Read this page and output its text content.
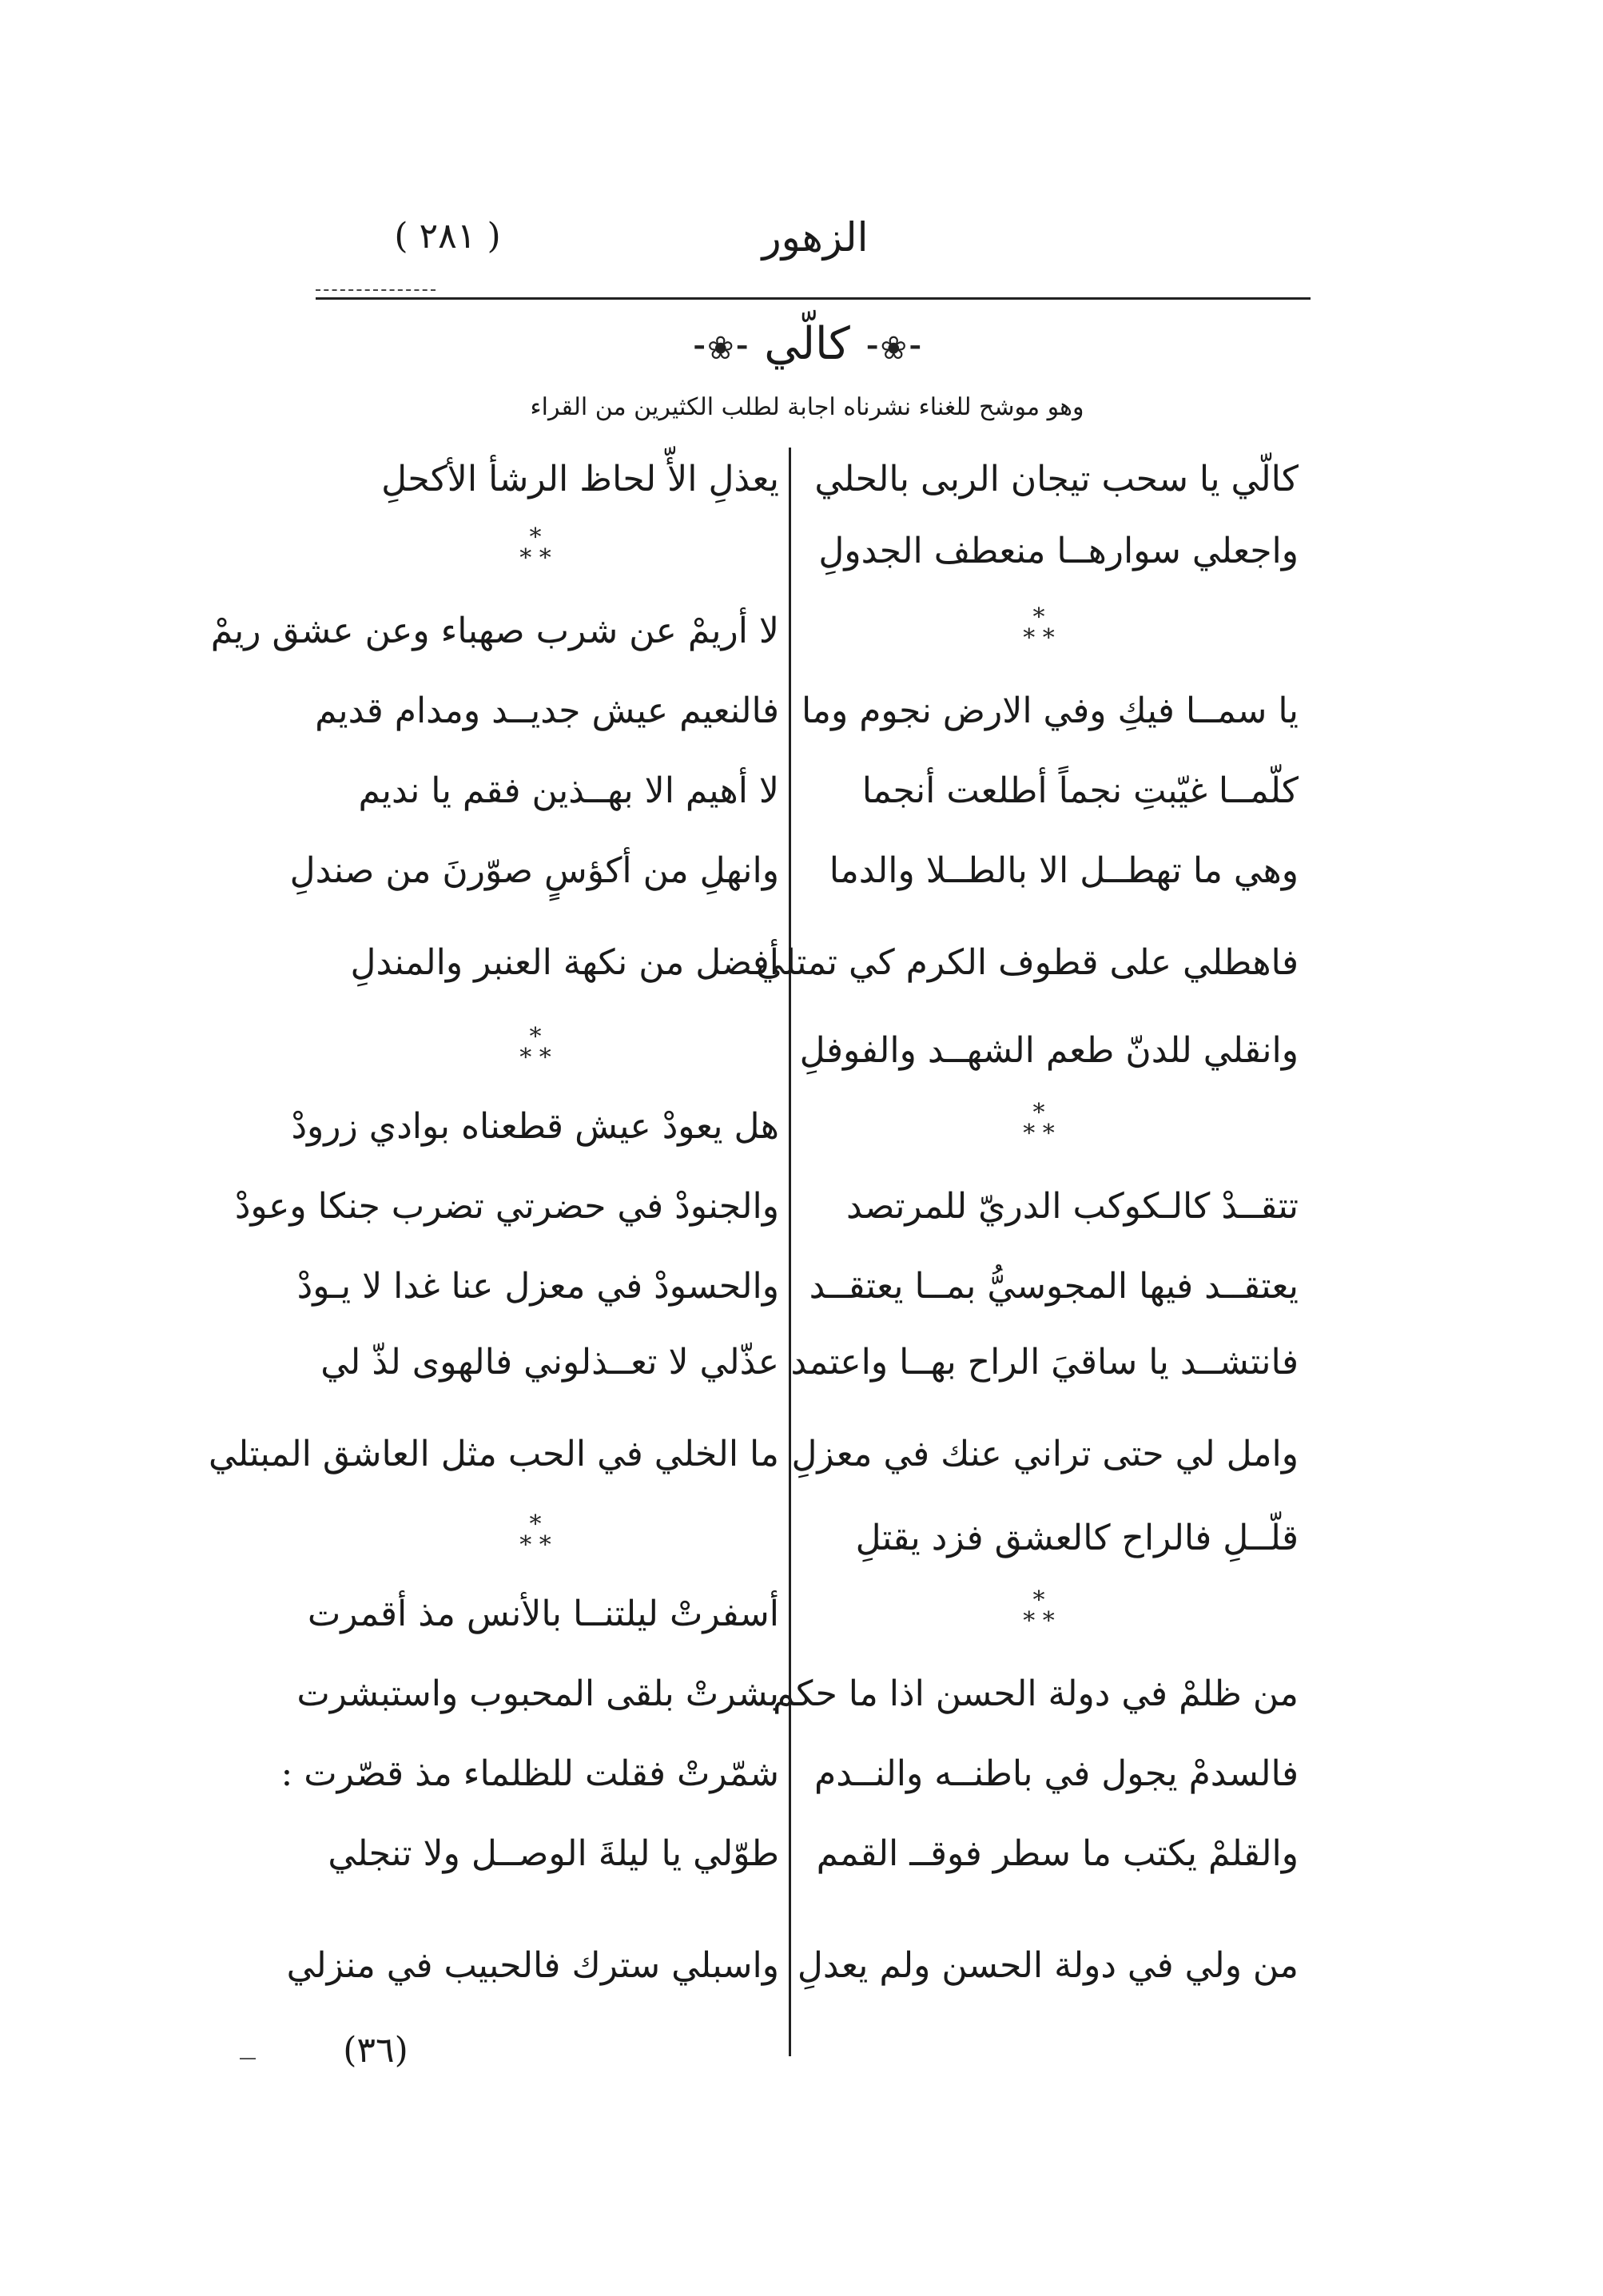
الزهور
( ٢٨١ )
⁃❀⁃ كالّي ⁃❀⁃
وهو موشح للغناء نشرناه اجابة لطلب الكثيرين من القراء
كالّي يا سحب تيجان الربى بالحلي
يعذلِ الأّ لحاظ الرشأ الأكحلِ
واجعلي سوارهــا منعطف الجدولِ
*
* *
*
* *
لا أريمْ عن شرب صهباء وعن عشق ريمْ
يا سمــا فيكِ وفي الارض نجوم وما
فالنعيم عيش جديــد ومدام قديم
كلّمــا غيّبتِ نجماً أطلعت أنجما
لا أهيم الا بهــذين فقم يا نديم
وهي ما تهطــل الا بالطــلا والدما
وانهلِ من أكؤسٍ صوّرنَ من صندلِ
فاهطلي على قطوف الكرم كي تمتلي
أفضل من نكهة العنبر والمندلِ
وانقلي للدنّ طعم الشهــد والفوفلِ
*
* *
*
* *
هل يعودْ عيش قطعناه بوادي زرودْ
تتقــدْ كالـكوكب الدريّ للمرتصد
والجنودْ في حضرتي تضرب جنكا وعودْ
يعتقــد فيها المجوسيُّ بمــا يعتقــد
والحسودْ في معزل عنا غدا لا يـودْ
فانتشــد يا ساقيَ الراح بهــا واعتمد
عذّلي لا تعــذلوني فالهوى لذّ لي
وامل لي حتى تراني عنك في معزلِ
ما الخلي في الحب مثل العاشق المبتلي
قلّــلِ فالراح كالعشق فزد يقتلِ
*
* *
*
* *
أسفرتْ ليلتنــا بالأنس مذ أقمرت
من ظلمْ في دولة الحسن اذا ما حكم
بشرتْ بلقى المحبوب واستبشرت
فالسدمْ يجول في باطنــه والنــدم
شمّرتْ فقلت للظلماء مذ قصّرت :
والقلمْ يكتب ما سطر فوقــ القمم
طوّلي يا ليلةَ الوصــل ولا تنجلي
من ولي في دولة الحسن ولم يعدلِ
واسبلي سترك فالحبيب في منزلي
(٣٦)
